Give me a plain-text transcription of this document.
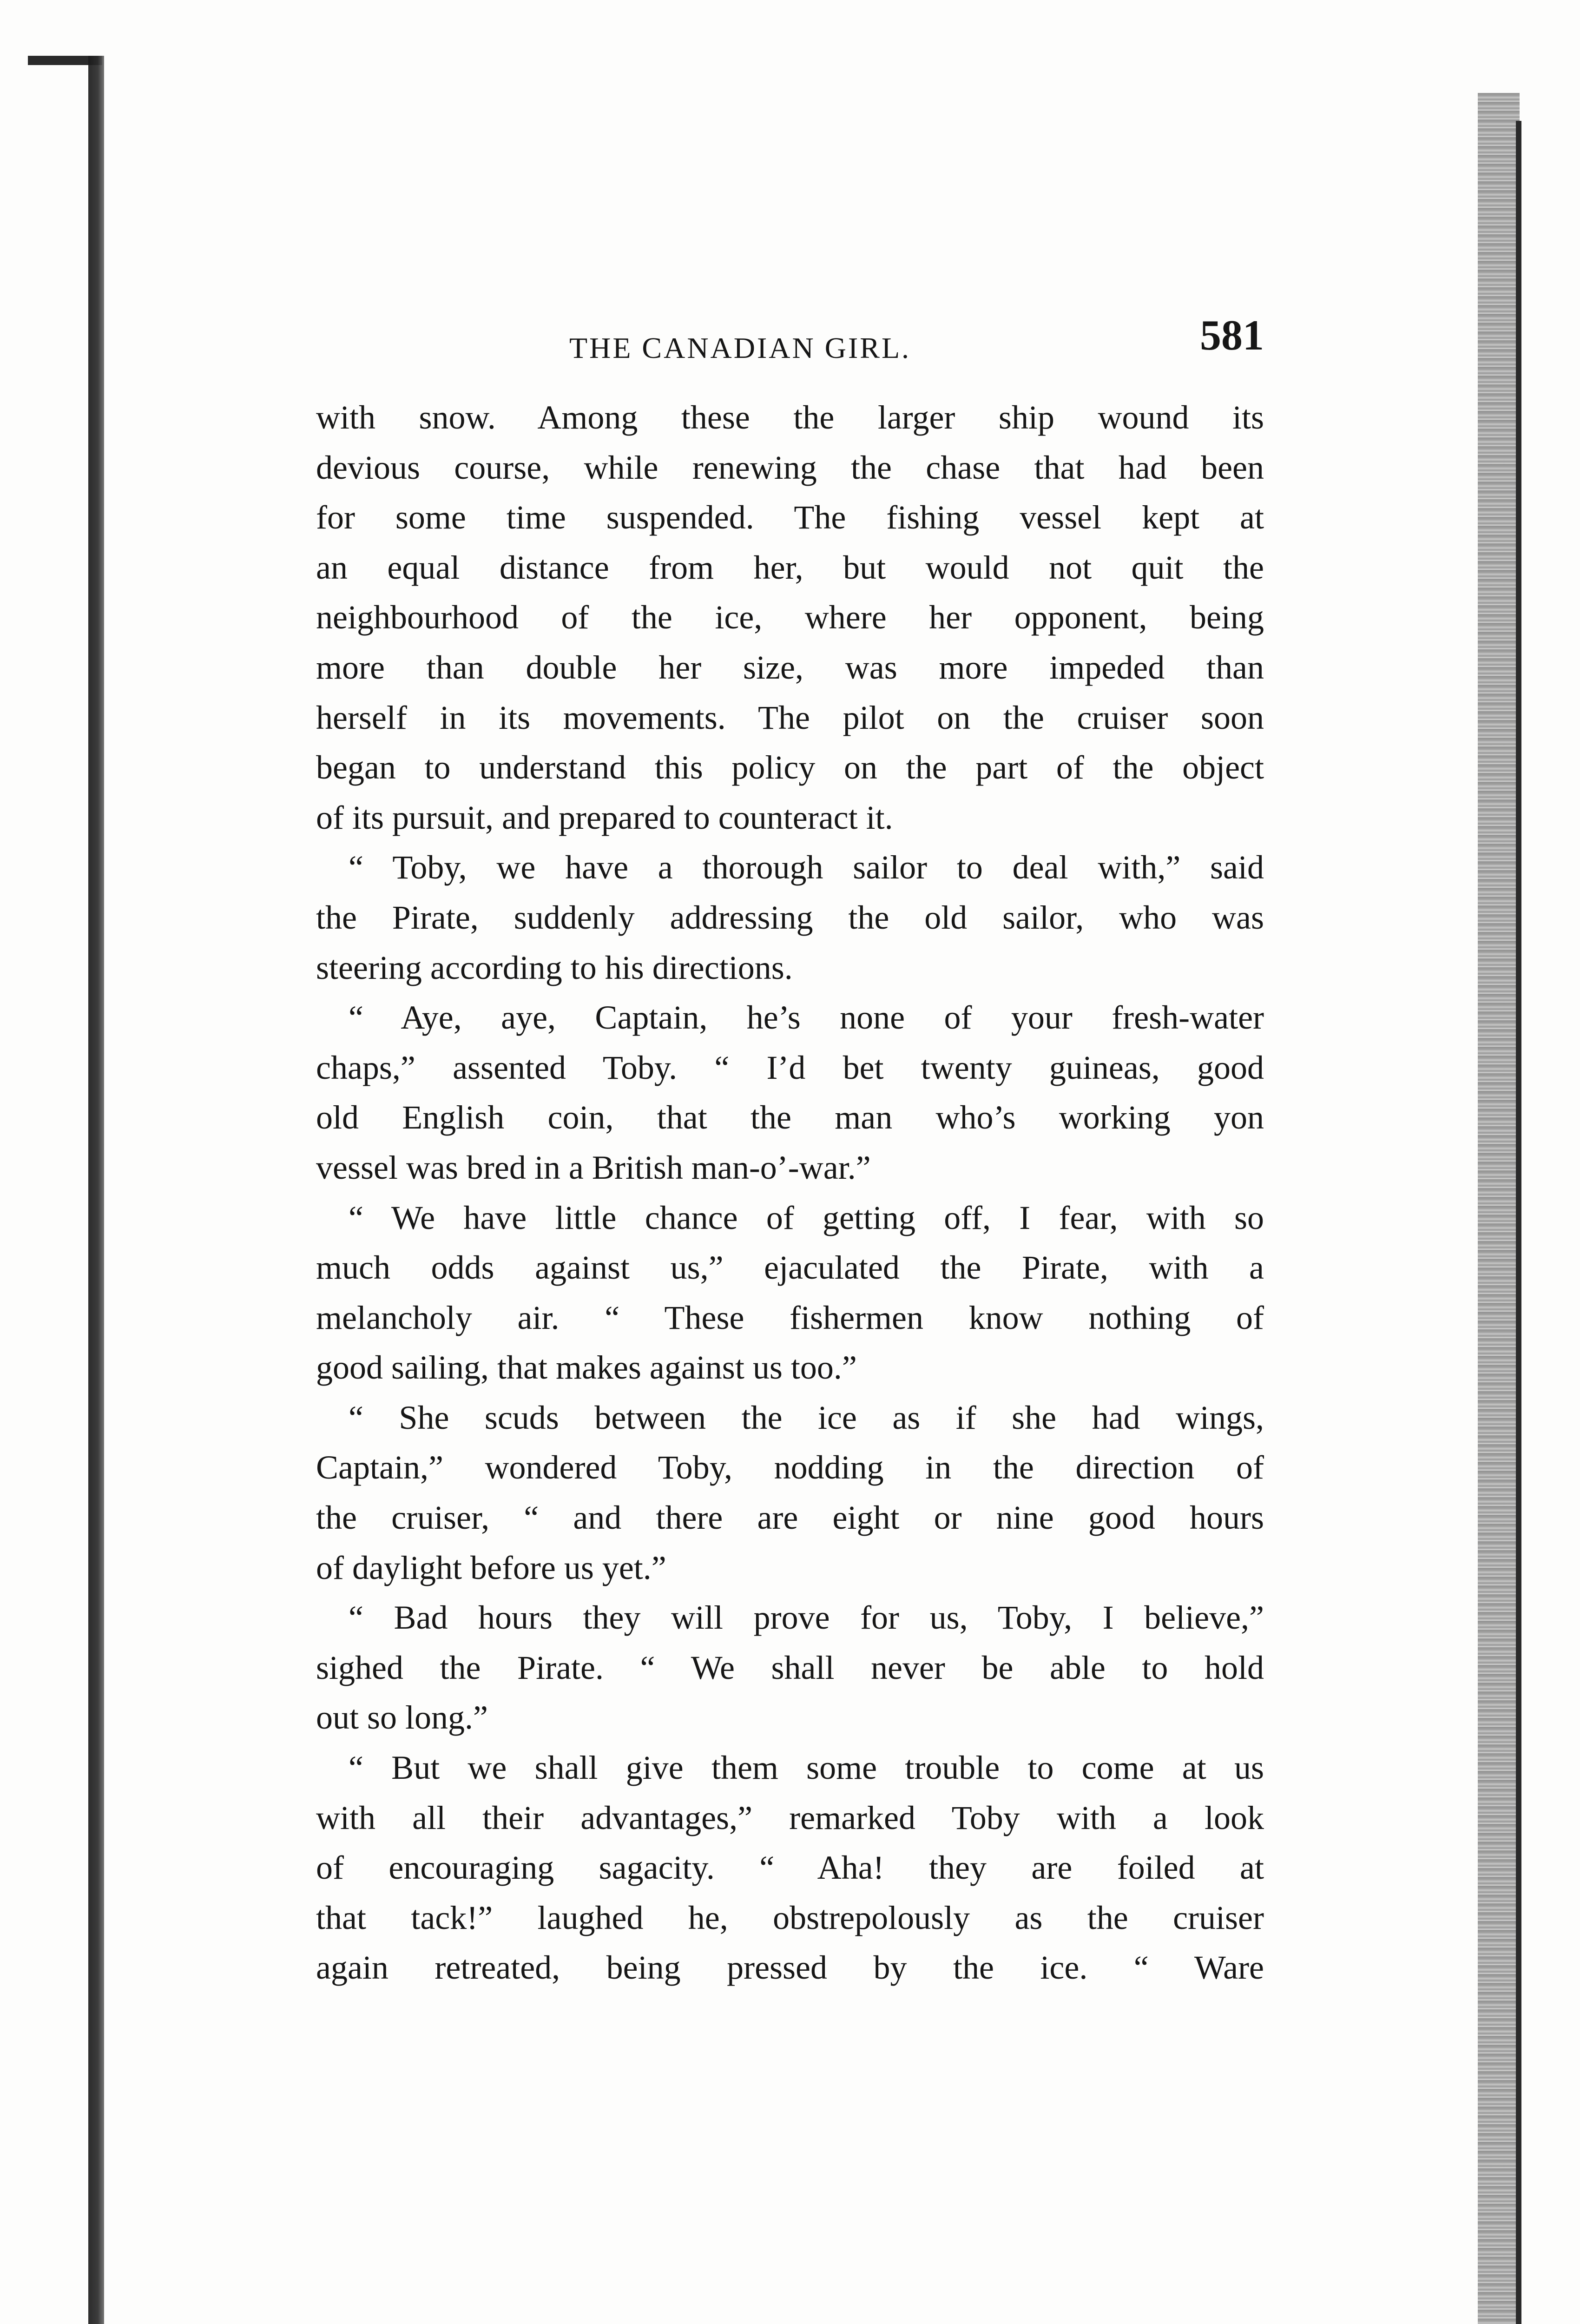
THE CANADIAN GIRL.	581
with snow. Among these the larger ship wound its
devious course, while renewing the chase that had been
for some time suspended. The fishing vessel kept at
an equal distance from her, but would not quit the
neighbourhood of the ice, where her opponent, being
more than double her size, was more impeded than
herself in its movements. The pilot on the cruiser soon
began to understand this policy on the part of the object
of its pursuit, and prepared to counteract it.
“ Toby, we have a thorough sailor to deal with,” said
the Pirate, suddenly addressing the old sailor, who was
steering according to his directions.
“ Aye, aye, Captain, he’s none of your fresh-water
chaps,” assented Toby. “ I’d bet twenty guineas, good
old English coin, that the man who’s working yon
vessel was bred in a British man-o’-war.”
“ We have little chance of getting off, I fear, with so
much odds against us,” ejaculated the Pirate, with a
melancholy air. “ These fishermen know nothing of
good sailing, that makes against us too.”
“ She scuds between the ice as if she had wings,
Captain,” wondered Toby, nodding in the direction of
the cruiser, “ and there are eight or nine good hours
of daylight before us yet.”
“ Bad hours they will prove for us, Toby, I believe,”
sighed the Pirate. “ We shall never be able to hold
out so long.”
“ But we shall give them some trouble to come at us
with all their advantages,” remarked Toby with a look
of encouraging sagacity. “ Aha! they are foiled at
that tack!” laughed he, obstrepolously as the cruiser
again retreated, being pressed by the ice. “ Ware
